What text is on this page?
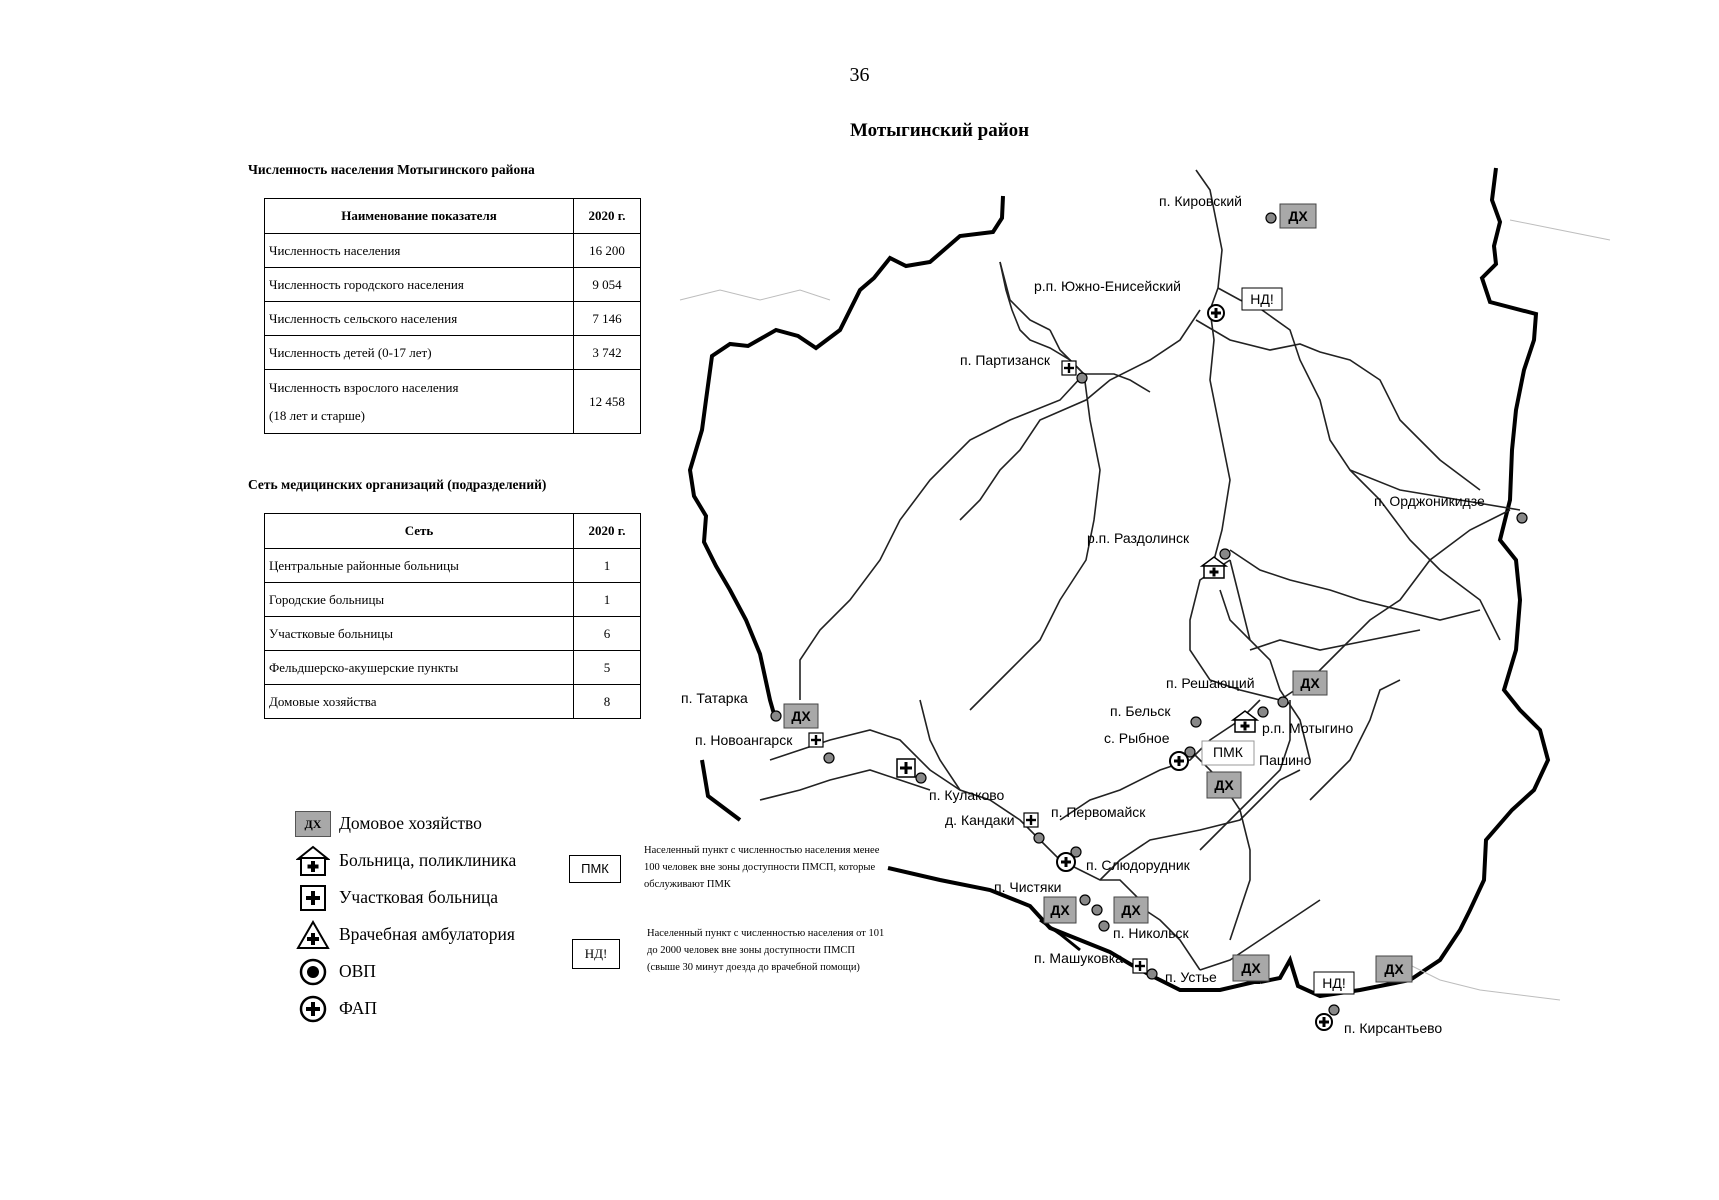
36
Мотыгинский район
Численность населения Мотыгинского района
Наименование показателя	2020 г.
Численность населения	16 200
Численность городского населения	9 054
Численность сельского населения	7 146
Численность детей (0-17 лет)	3 742

Численность взрослого населения
(18 лет и старше)	12 458
Сеть медицинских организаций (подразделений)
Сеть	2020 г.
Центральные районные больницы	1
Городские больницы	1
Участковые больницы	6
Фельдшерско-акушерские пункты	5
Домовые хозяйства	8
ДХ	Домовое хозяйство
Больница, поликлиника
Участковая больница
Врачебная амбулатория
ОВП
ФАП
ПМК
Населенный пункт с численностью населения менее 100 человек вне зоны доступности ПМСП, которые обслуживают ПМК
НД!
Населенный пункт с численностью населения от 101 до 2000 человек вне зоны доступности ПМСП (свыше 30 минут доезда до врачебной помощи)
ДХ
ДХ
ДХ
ДХ
ДХ	ДХ
ДХ	ДХ
НД!
НД!
ПМК
п. Кировский
р.п. Южно-Енисейский
п. Партизанск
р.п. Раздолинск
п. Орджоникидзе
п. Решающий
п. Бельск
с. Рыбное
р.п. Мотыгино
Пашино
п. Татарка
п. Новоангарск
п. Кулаково
д. Кандаки	п. Первомайск
п. Слюдорудник
п. Чистяки
п. Никольск
п. Машуковка
п. Устье
п. Кирсантьево
